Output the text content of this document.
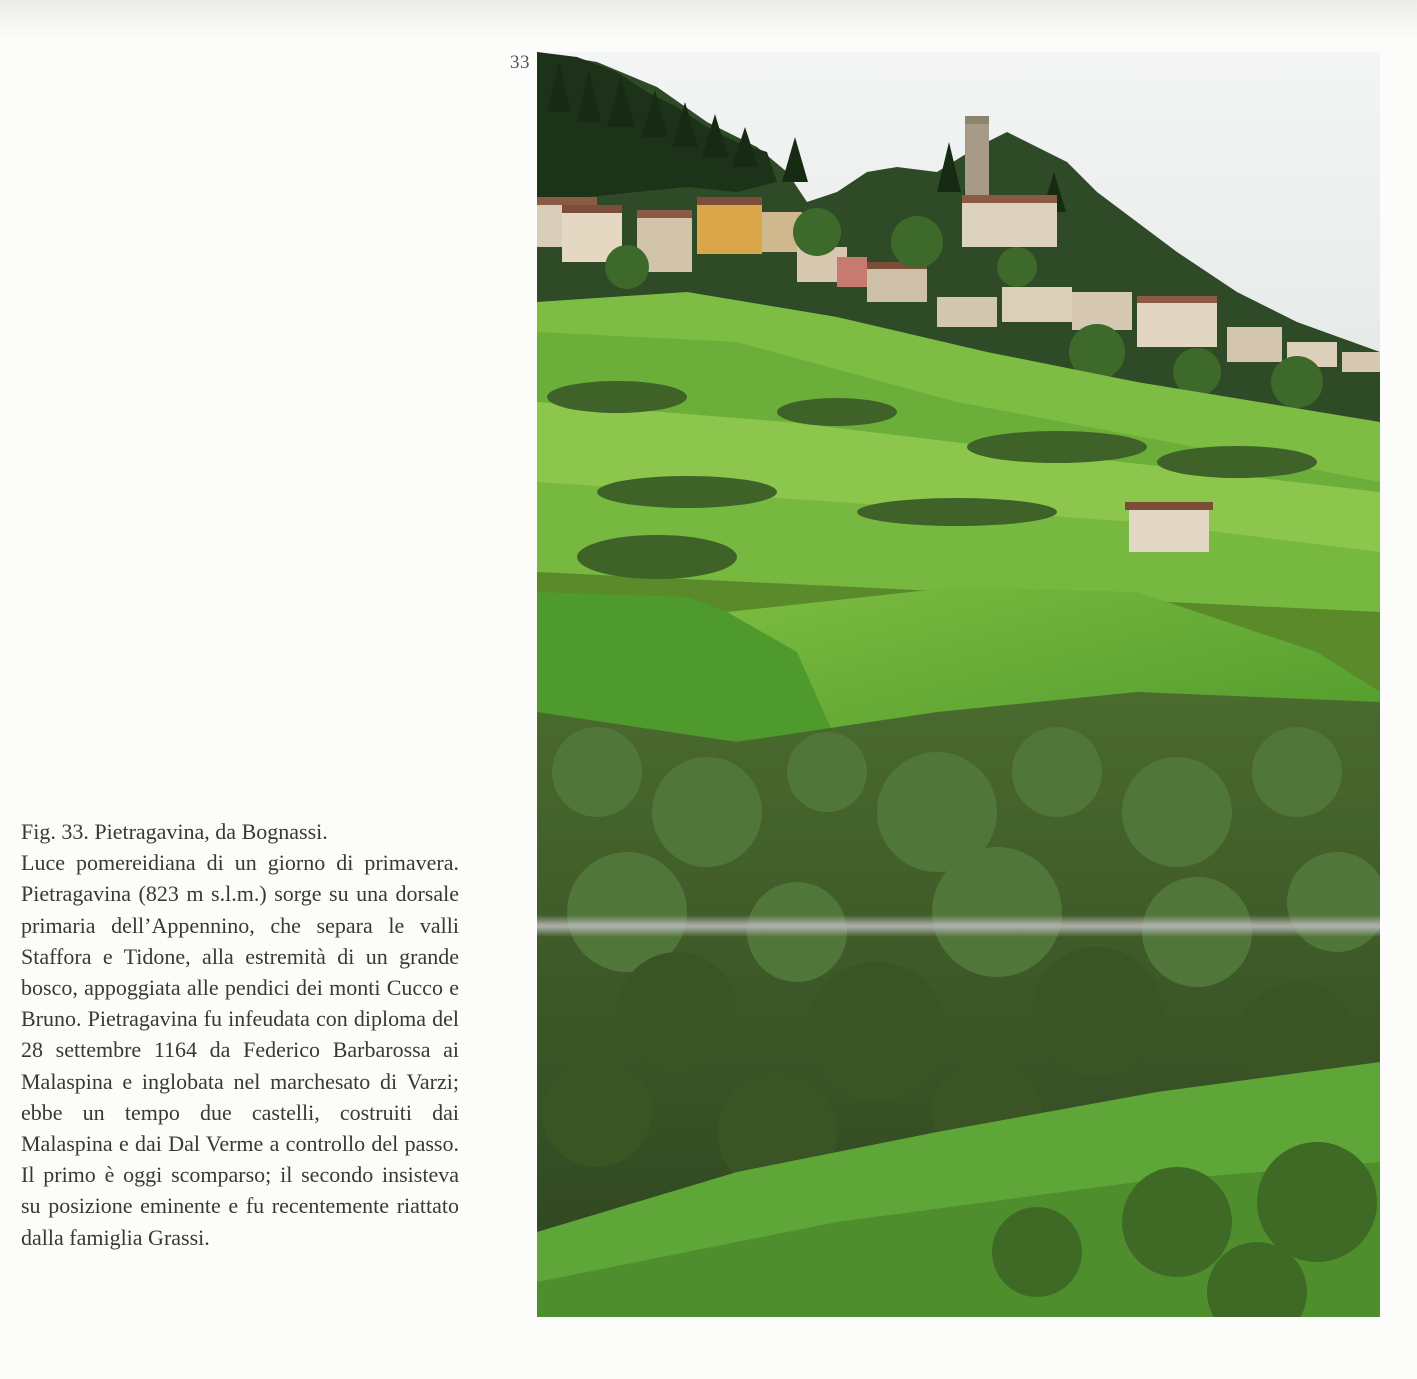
33
Fig. 33. Pietragavina, da Bognassi.
Luce pomereidiana di un giorno di primavera. Pietragavina (823 m s.l.m.) sorge su una dorsale primaria dell’Appennino, che separa le valli Staffora e Tidone, alla estremità di un grande bosco, appoggiata alle pendici dei monti Cucco e Bruno. Pietragavina fu infeudata con diploma del 28 settembre 1164 da Federico Barbarossa ai Malaspina e inglobata nel marchesato di Varzi; ebbe un tempo due castelli, costruiti dai Malaspina e dai Dal Verme a controllo del passo. Il primo è oggi scomparso; il secondo insisteva su posizione eminente e fu recentemente riattato dalla famiglia Grassi.
